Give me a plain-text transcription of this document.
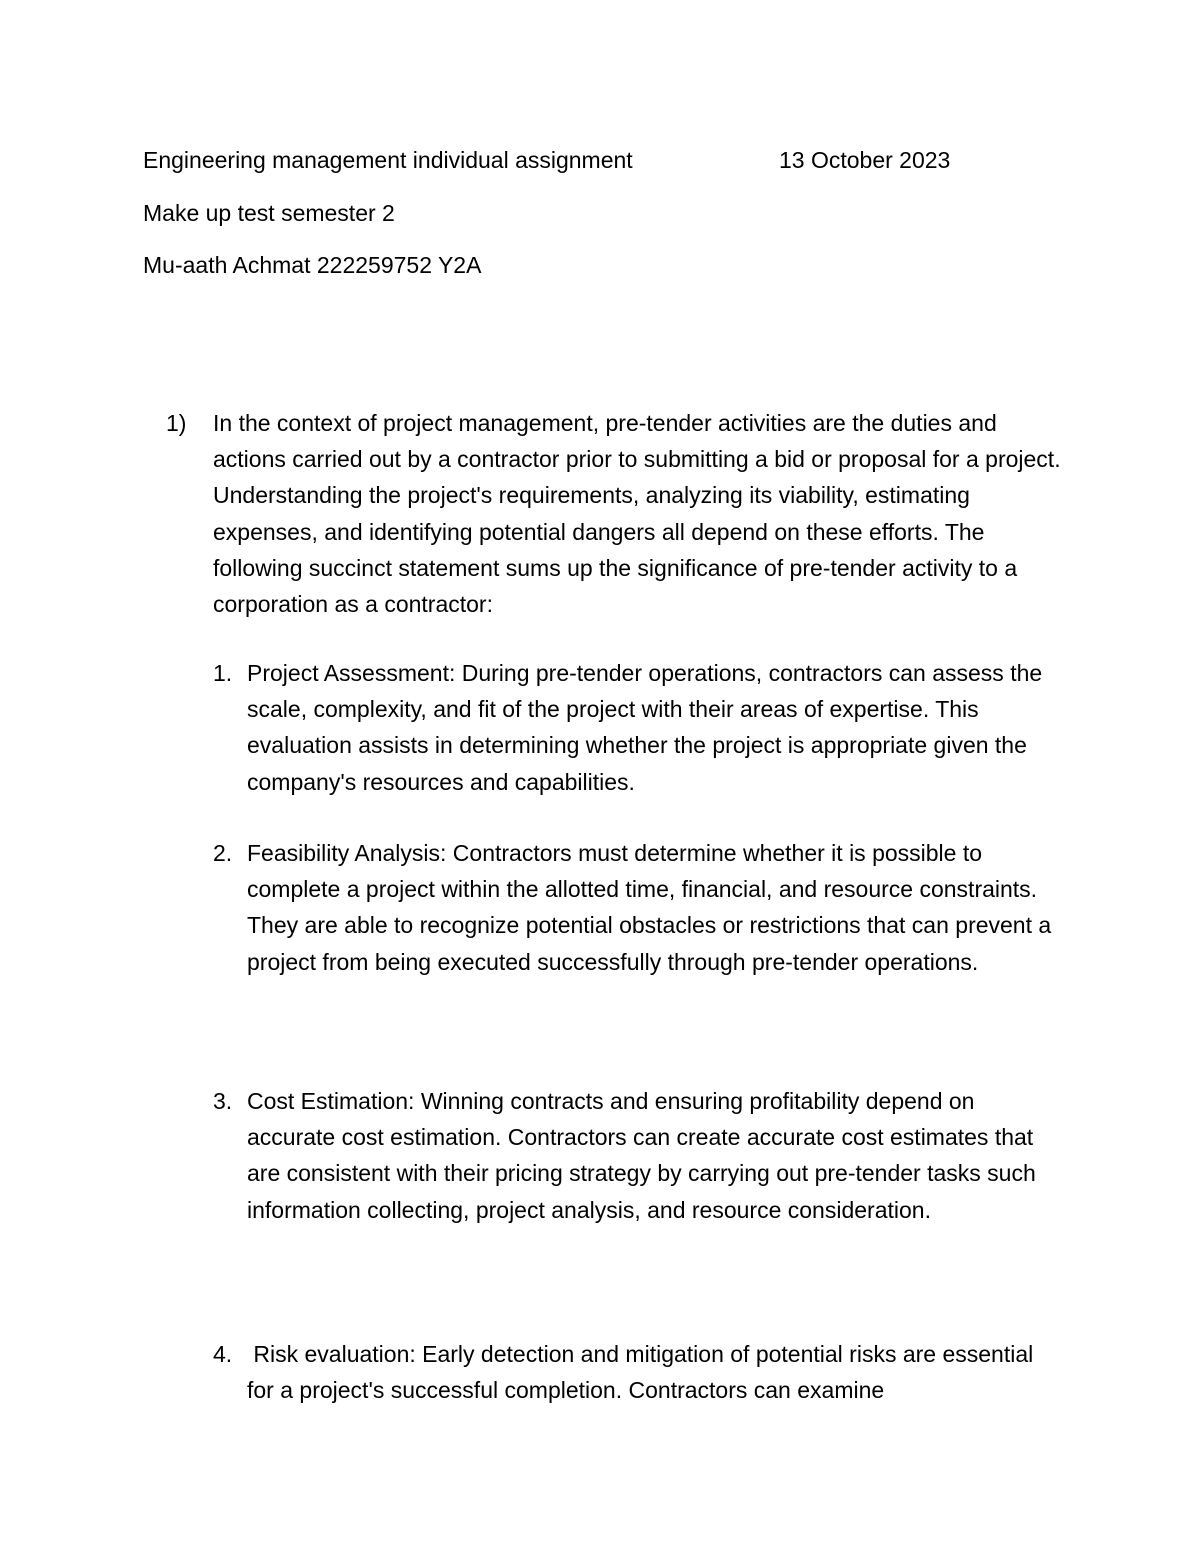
Engineering management individual assignment	13 October 2023
Make up test semester 2
Mu-aath Achmat 222259752 Y2A
1) In the context of project management, pre-tender activities are the duties and actions carried out by a contractor prior to submitting a bid or proposal for a project. Understanding the project's requirements, analyzing its viability, estimating expenses, and identifying potential dangers all depend on these efforts. The following succinct statement sums up the significance of pre-tender activity to a corporation as a contractor:
1. Project Assessment: During pre-tender operations, contractors can assess the scale, complexity, and fit of the project with their areas of expertise. This evaluation assists in determining whether the project is appropriate given the company's resources and capabilities.
2. Feasibility Analysis: Contractors must determine whether it is possible to complete a project within the allotted time, financial, and resource constraints. They are able to recognize potential obstacles or restrictions that can prevent a project from being executed successfully through pre-tender operations.
3. Cost Estimation: Winning contracts and ensuring profitability depend on accurate cost estimation. Contractors can create accurate cost estimates that are consistent with their pricing strategy by carrying out pre-tender tasks such information collecting, project analysis, and resource consideration.
4. Risk evaluation: Early detection and mitigation of potential risks are essential for a project's successful completion. Contractors can examine
